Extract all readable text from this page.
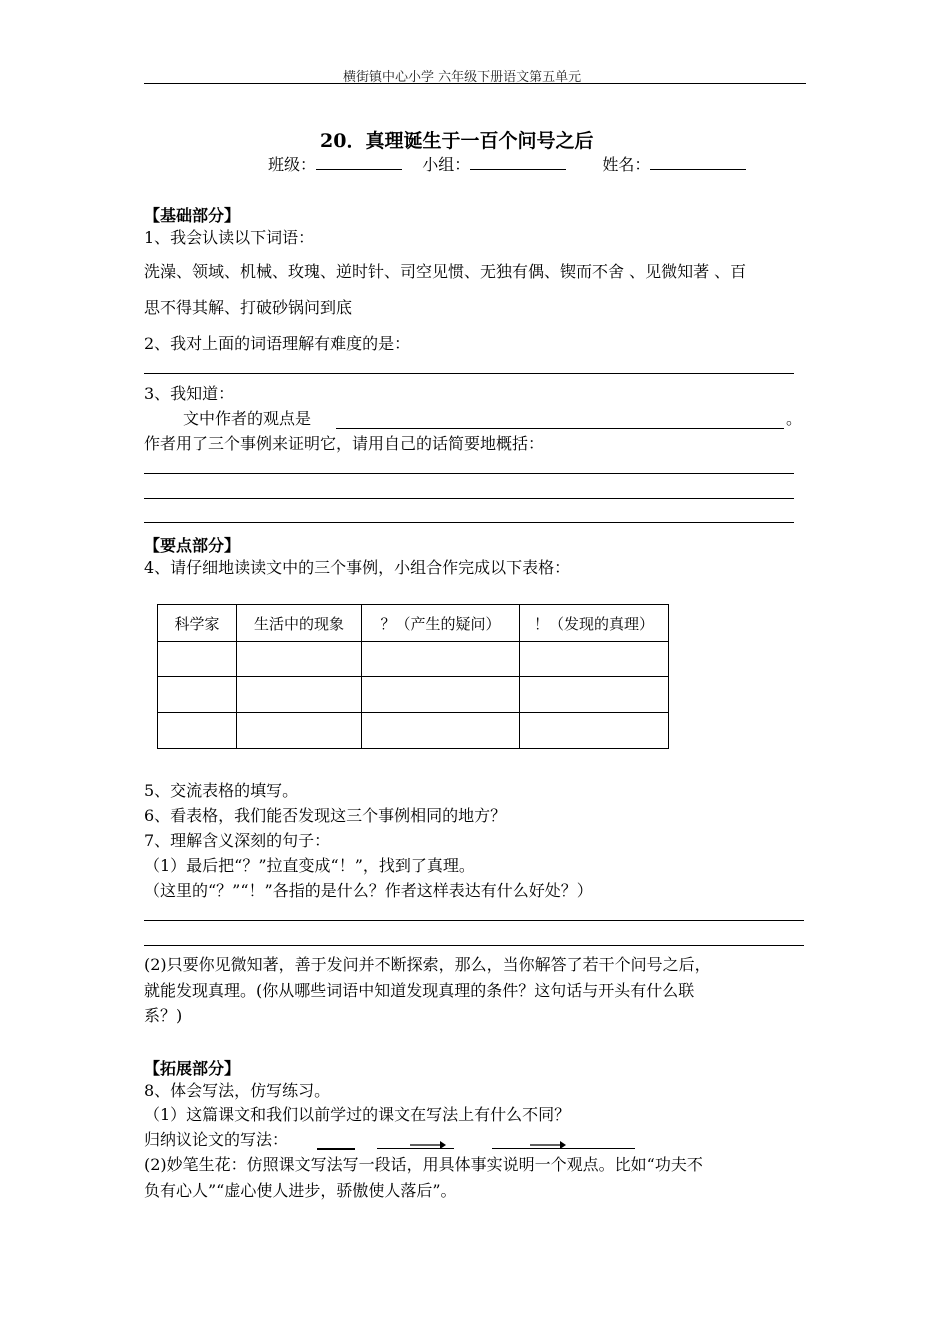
横街镇中心小学 六年级下册语文第五单元
20．真理诞生于一百个问号之后
班级：	小组：	姓名：
【基础部分】
1、我会认读以下词语：
洗澡、领域、机械、玫瑰、逆时针、司空见惯、无独有偶、锲而不舍 、见微知著 、百
思不得其解、打破砂锅问到底
2、我对上面的词语理解有难度的是：
3、我知道：
文中作者的观点是	。
作者用了三个事例来证明它，请用自己的话简要地概括：
【要点部分】
4、请仔细地读读文中的三个事例，小组合作完成以下表格：
科学家	生活中的现象	？（产生的疑问）	！（发现的真理）

5、交流表格的填写。
6、看表格，我们能否发现这三个事例相同的地方？
7、理解含义深刻的句子：
（1）最后把“？”拉直变成“！”，找到了真理。
（这里的“？”“！”各指的是什么？作者这样表达有什么好处？）
(2)只要你见微知著，善于发问并不断探索，那么，当你解答了若干个问号之后，
就能发现真理。(你从哪些词语中知道发现真理的条件？这句话与开头有什么联
系？)
【拓展部分】
8、体会写法，仿写练习。
（1）这篇课文和我们以前学过的课文在写法上有什么不同？
归纳议论文的写法：
(2)妙笔生花：仿照课文写法写一段话，用具体事实说明一个观点。比如“功夫不
负有心人”“虚心使人进步，骄傲使人落后”。
